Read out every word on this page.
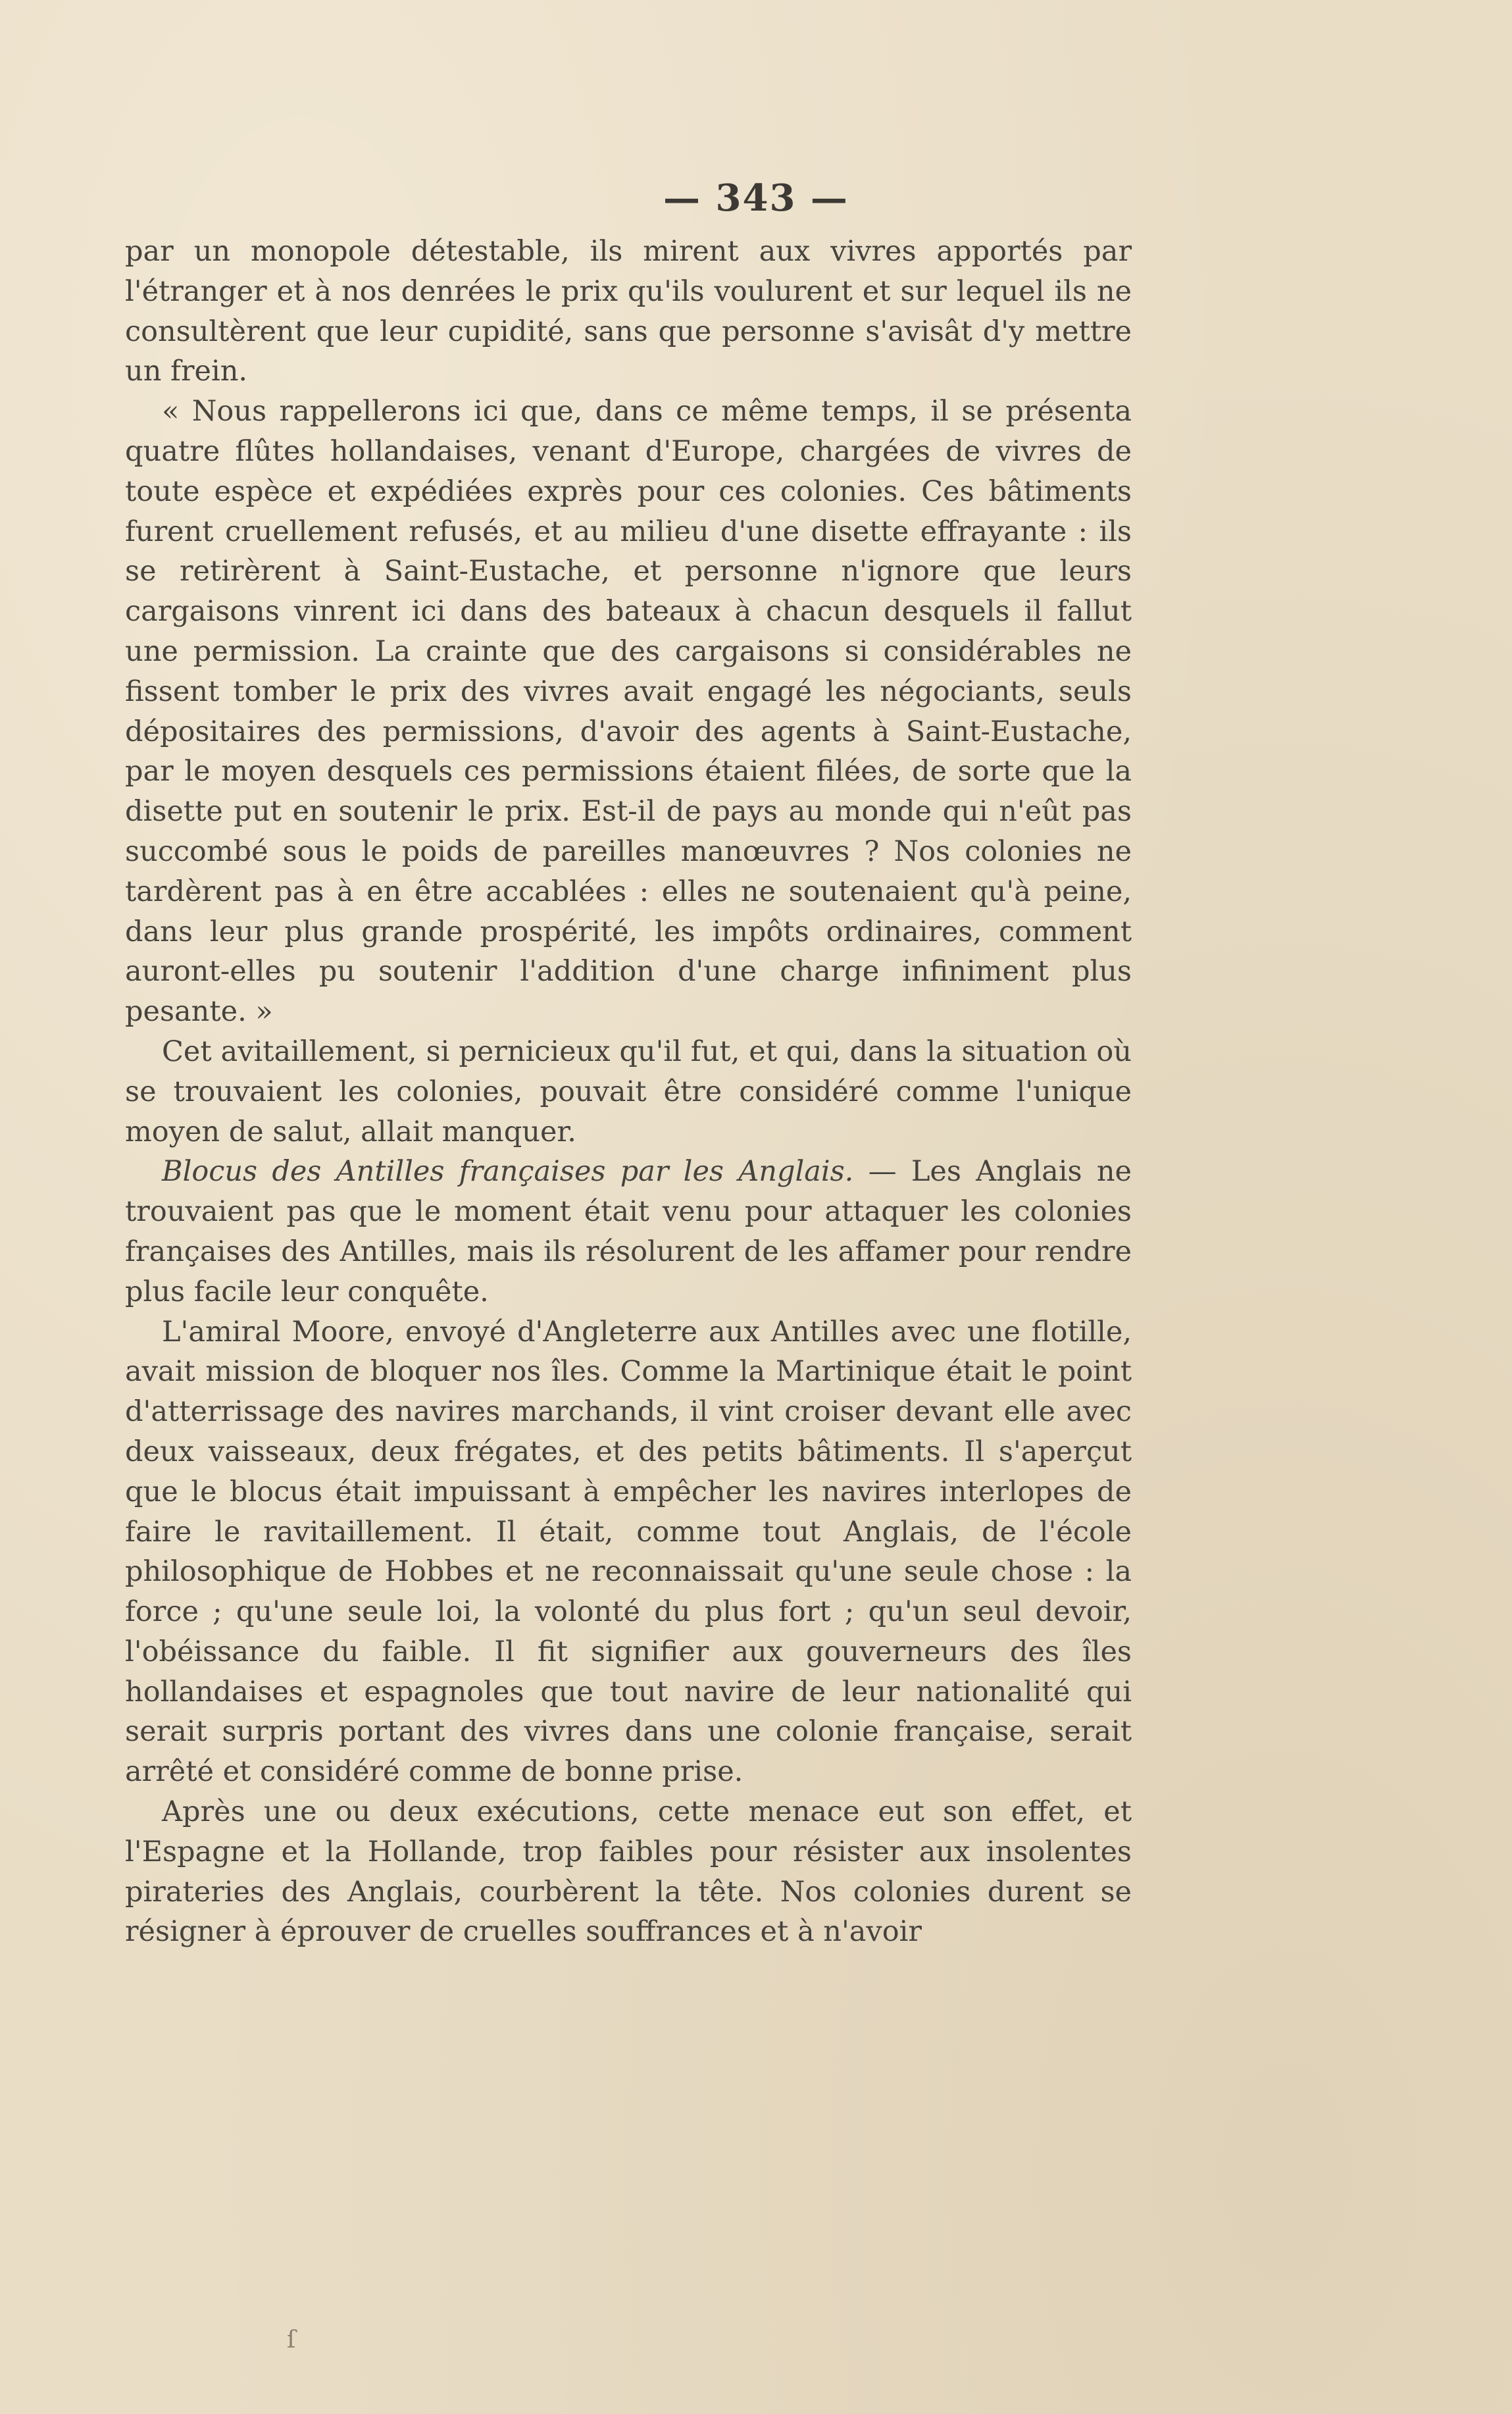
— 343 —

par un monopole détestable, ils mirent aux vivres apportés par l'étranger et à nos denrées le prix qu'ils voulurent et sur lequel ils ne consultèrent que leur cupidité, sans que personne s'avisât d'y mettre un frein.

« Nous rappellerons ici que, dans ce même temps, il se présenta quatre flûtes hollandaises, venant d'Europe, chargées de vivres de toute espèce et expédiées exprès pour ces colonies. Ces bâtiments furent cruellement refusés, et au milieu d'une disette effrayante : ils se retirèrent à Saint-Eustache, et personne n'ignore que leurs cargaisons vinrent ici dans des bateaux à chacun desquels il fallut une permission. La crainte que des cargaisons si considérables ne fissent tomber le prix des vivres avait engagé les négociants, seuls dépositaires des permissions, d'avoir des agents à Saint-Eustache, par le moyen desquels ces permissions étaient filées, de sorte que la disette put en soutenir le prix. Est-il de pays au monde qui n'eût pas succombé sous le poids de pareilles manœuvres ? Nos colonies ne tardèrent pas à en être accablées : elles ne soutenaient qu'à peine, dans leur plus grande prospérité, les impôts ordinaires, comment auront-elles pu soutenir l'addition d'une charge infiniment plus pesante. »

Cet avitaillement, si pernicieux qu'il fut, et qui, dans la situation où se trouvaient les colonies, pouvait être considéré comme l'unique moyen de salut, allait manquer.

Blocus des Antilles françaises par les Anglais. — Les Anglais ne trouvaient pas que le moment était venu pour attaquer les colonies françaises des Antilles, mais ils résolurent de les affamer pour rendre plus facile leur conquête.

L'amiral Moore, envoyé d'Angleterre aux Antilles avec une flotille, avait mission de bloquer nos îles. Comme la Martinique était le point d'atterrissage des navires marchands, il vint croiser devant elle avec deux vaisseaux, deux frégates, et des petits bâtiments. Il s'aperçut que le blocus était impuissant à empêcher les navires interlopes de faire le ravitaillement. Il était, comme tout Anglais, de l'école philosophique de Hobbes et ne reconnaissait qu'une seule chose : la force ; qu'une seule loi, la volonté du plus fort ; qu'un seul devoir, l'obéissance du faible. Il fit signifier aux gouverneurs des îles hollandaises et espagnoles que tout navire de leur nationalité qui serait surpris portant des vivres dans une colonie française, serait arrêté et considéré comme de bonne prise.

Après une ou deux exécutions, cette menace eut son effet, et l'Espagne et la Hollande, trop faibles pour résister aux insolentes pirateries des Anglais, courbèrent la tête. Nos colonies durent se résigner à éprouver de cruelles souffrances et à n'avoir

ſ
